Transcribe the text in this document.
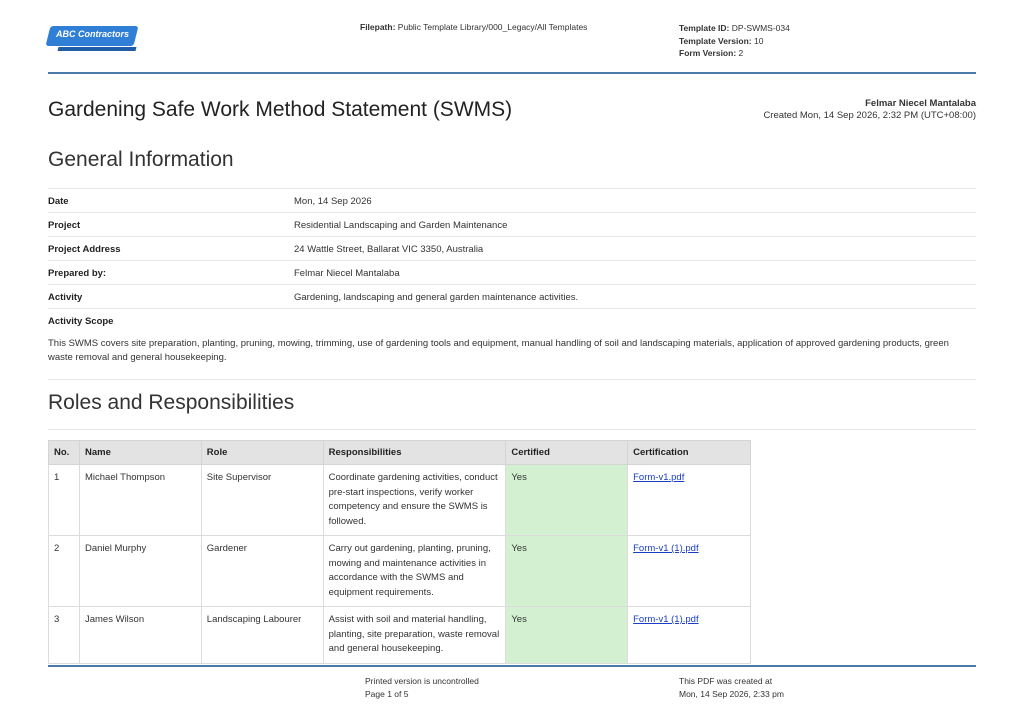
ABC Contractors
Filepath: Public Template Library/000_Legacy/All Templates	Template ID: DP-SWMS-034
Template Version: 10
Form Version: 2
Gardening Safe Work Method Statement (SWMS)	Felmar Niecel Mantalaba
Created Mon, 14 Sep 2026, 2:32 PM (UTC+08:00)
General Information
Date	Mon, 14 Sep 2026
Project	Residential Landscaping and Garden Maintenance
Project Address	24 Wattle Street, Ballarat VIC 3350, Australia
Prepared by:	Felmar Niecel Mantalaba
Activity	Gardening, landscaping and general garden maintenance activities.
Activity Scope
This SWMS covers site preparation, planting, pruning, mowing, trimming, use of gardening tools and equipment, manual handling of soil and landscaping materials, application of approved gardening products, green waste removal and general housekeeping.
Roles and Responsibilities
No.	Name	Role	Responsibilities	Certified	Certification
1	Michael Thompson	Site Supervisor	Coordinate gardening activities, conduct pre-start inspections, verify worker competency and ensure the SWMS is followed.	Yes	Form-v1.pdf
2	Daniel Murphy	Gardener	Carry out gardening, planting, pruning, mowing and maintenance activities in accordance with the SWMS and equipment requirements.	Yes	Form-v1 (1).pdf
3	James Wilson	Landscaping Labourer	Assist with soil and material handling, planting, site preparation, waste removal and general housekeeping.	Yes	Form-v1 (1).pdf
Printed version is uncontrolled
Page 1 of 5
This PDF was created at
Mon, 14 Sep 2026, 2:33 pm
